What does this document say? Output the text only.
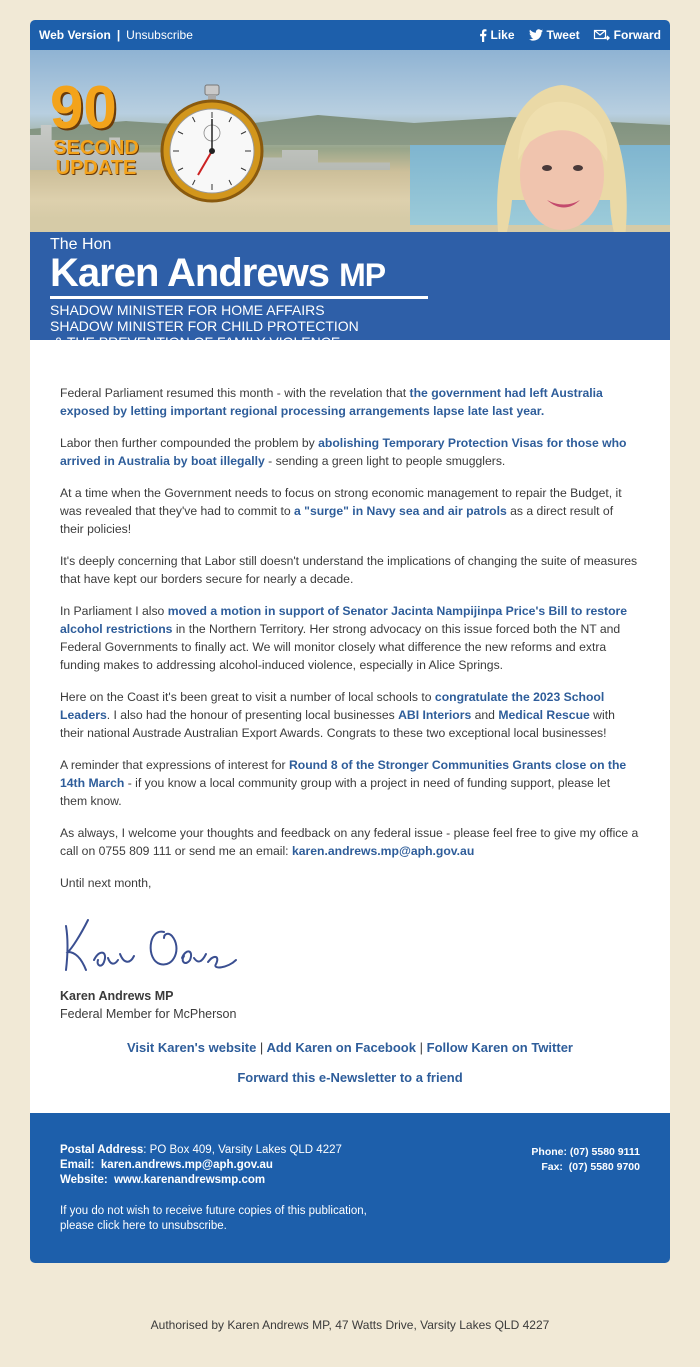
Web Version | Unsubscribe	Like	Tweet	Forward
90
SECOND
UPDATE
The Hon
Karen Andrews MP
SHADOW MINISTER FOR HOME AFFAIRS
SHADOW MINISTER FOR CHILD PROTECTION
& THE PREVENTION OF FAMILY VIOLENCE
MEMBER FOR MCPHERSON

Federal Parliament resumed this month - with the revelation that the government had left Australia exposed by letting important regional processing arrangements lapse late last year.

Labor then further compounded the problem by abolishing Temporary Protection Visas for those who arrived in Australia by boat illegally - sending a green light to people smugglers.

At a time when the Government needs to focus on strong economic management to repair the Budget, it was revealed that they've had to commit to a "surge" in Navy sea and air patrols as a direct result of their policies!

It's deeply concerning that Labor still doesn't understand the implications of changing the suite of measures that have kept our borders secure for nearly a decade.

In Parliament I also moved a motion in support of Senator Jacinta Nampijinpa Price's Bill to restore alcohol restrictions in the Northern Territory. Her strong advocacy on this issue forced both the NT and Federal Governments to finally act. We will monitor closely what difference the new reforms and extra funding makes to addressing alcohol-induced violence, especially in Alice Springs.

Here on the Coast it's been great to visit a number of local schools to congratulate the 2023 School Leaders. I also had the honour of presenting local businesses ABI Interiors and Medical Rescue with their national Austrade Australian Export Awards. Congrats to these two exceptional local businesses!

A reminder that expressions of interest for Round 8 of the Stronger Communities Grants close on the 14th March - if you know a local community group with a project in need of funding support, please let them know.

As always, I welcome your thoughts and feedback on any federal issue - please feel free to give my office a call on 0755 809 111 or send me an email: karen.andrews.mp@aph.gov.au

Until next month,

Karen Andrews MP
Federal Member for McPherson
Visit Karen's website | Add Karen on Facebook | Follow Karen on Twitter
Forward this e-Newsletter to a friend
Postal Address: PO Box 409, Varsity Lakes QLD 4227
Email: karen.andrews.mp@aph.gov.au
Website: www.karenandrewsmp.com
If you do not wish to receive future copies of this publication,
please click here to unsubscribe.
Phone: (07) 5580 9111
Fax:  (07) 5580 9700
Authorised by Karen Andrews MP, 47 Watts Drive, Varsity Lakes QLD 4227
